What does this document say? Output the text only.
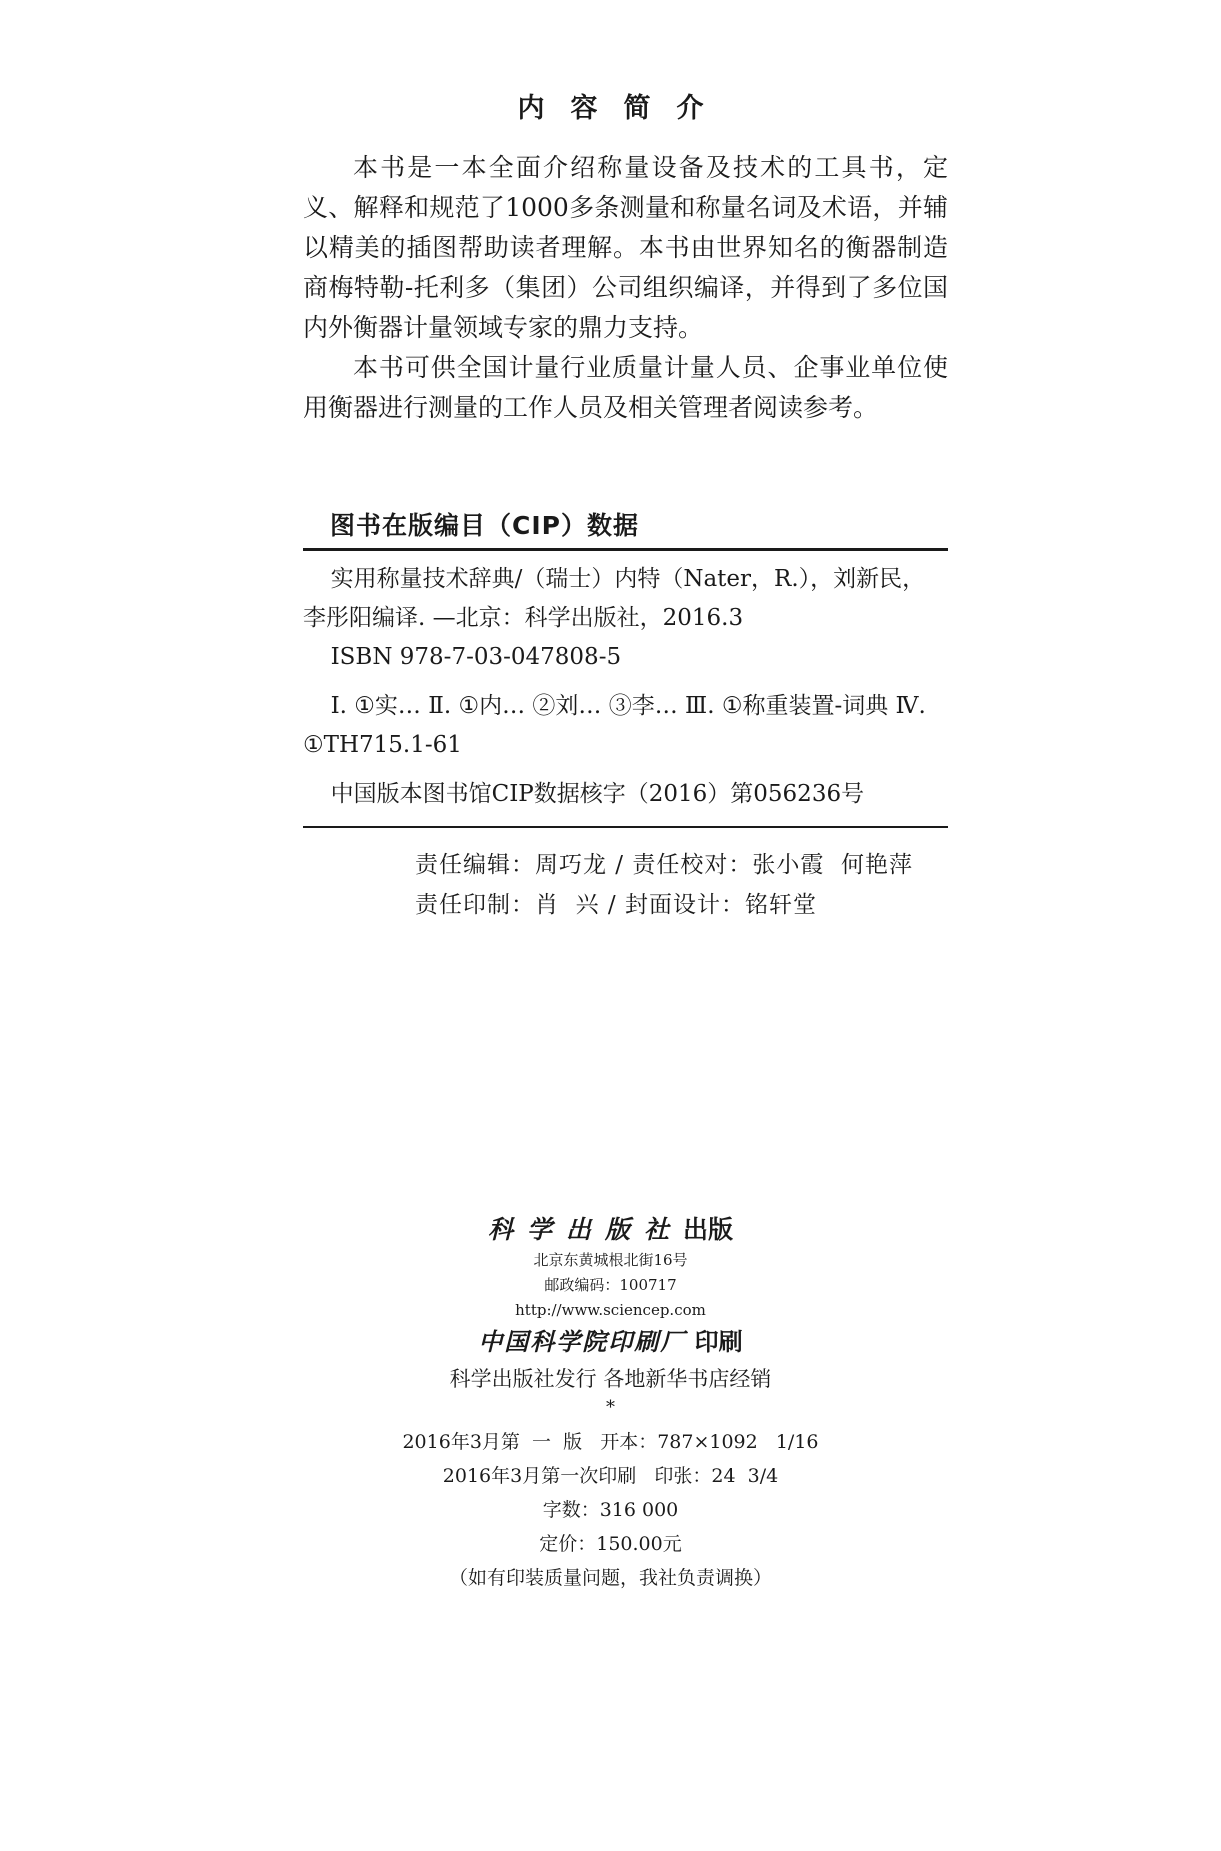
内容简介

本书是一本全面介绍称量设备及技术的工具书，定义、解释和规范了1000多条测量和称量名词及术语，并辅以精美的插图帮助读者理解。本书由世界知名的衡器制造商梅特勒-托利多（集团）公司组织编译，并得到了多位国内外衡器计量领域专家的鼎力支持。

本书可供全国计量行业质量计量人员、企事业单位使用衡器进行测量的工作人员及相关管理者阅读参考。

图书在版编目（CIP）数据

实用称量技术辞典/（瑞士）内特（Nater，R.），刘新民，李彤阳编译. —北京：科学出版社，2016.3

ISBN 978-7-03-047808-5

Ⅰ. ①实… Ⅱ. ①内… ②刘… ③李… Ⅲ. ①称重装置-词典 Ⅳ. ①TH715.1-61

中国版本图书馆CIP数据核字（2016）第056236号

责任编辑：周巧龙 / 责任校对：张小霞  何艳萍
责任印制：肖  兴 / 封面设计：铭轩堂
科学出版社出版
北京东黄城根北街16号
邮政编码：100717
http://www.sciencep.com
中国科学院印刷厂 印刷
科学出版社发行 各地新华书店经销
*
2016年3月第  一  版   开本：787×1092   1/16
2016年3月第一次印刷   印张：24  3/4
字数：316 000
定价：150.00元
（如有印装质量问题，我社负责调换）
